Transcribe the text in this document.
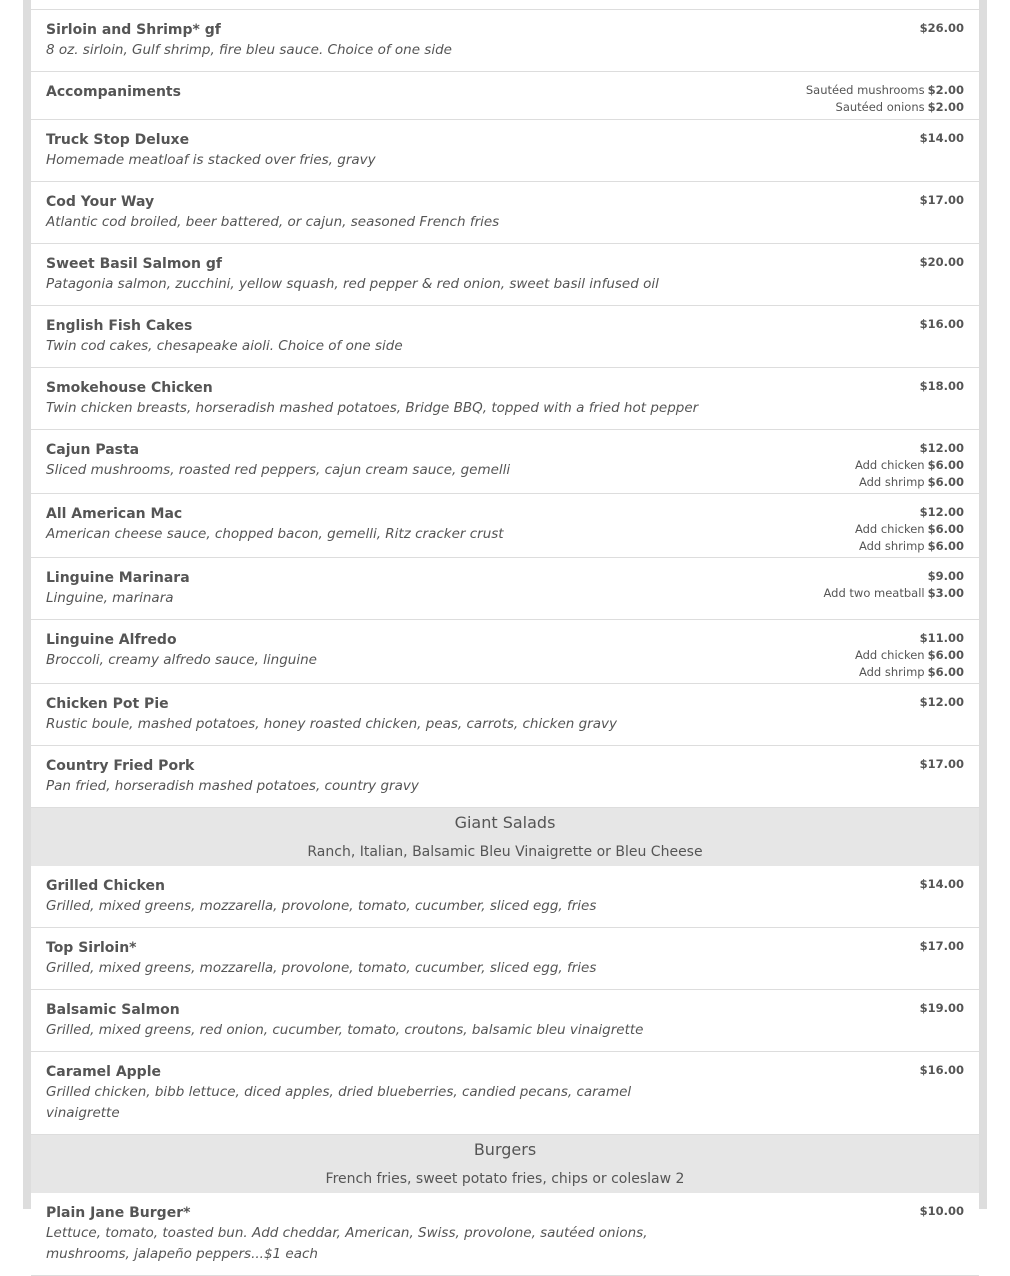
Sirloin and Shrimp* gf
8 oz. sirloin, Gulf shrimp, fire bleu sauce. Choice of one side
$26.00
Accompaniments	Sautéed mushrooms $2.00
Sautéed onions $2.00
Truck Stop Deluxe
Homemade meatloaf is stacked over fries, gravy
$14.00
Cod Your Way
Atlantic cod broiled, beer battered, or cajun, seasoned French fries
$17.00
Sweet Basil Salmon gf
Patagonia salmon, zucchini, yellow squash, red pepper & red onion, sweet basil infused oil
$20.00
English Fish Cakes
Twin cod cakes, chesapeake aioli. Choice of one side
$16.00
Smokehouse Chicken
Twin chicken breasts, horseradish mashed potatoes, Bridge BBQ, topped with a fried hot pepper
$18.00
Cajun Pasta
Sliced mushrooms, roasted red peppers, cajun cream sauce, gemelli
$12.00
Add chicken $6.00
Add shrimp $6.00
All American Mac
American cheese sauce, chopped bacon, gemelli, Ritz cracker crust
$12.00
Add chicken $6.00
Add shrimp $6.00
Linguine Marinara
Linguine, marinara
$9.00
Add two meatball $3.00
Linguine Alfredo
Broccoli, creamy alfredo sauce, linguine
$11.00
Add chicken $6.00
Add shrimp $6.00
Chicken Pot Pie
Rustic boule, mashed potatoes, honey roasted chicken, peas, carrots, chicken gravy
$12.00
Country Fried Pork
Pan fried, horseradish mashed potatoes, country gravy
$17.00
Giant Salads
Ranch, Italian, Balsamic Bleu Vinaigrette or Bleu Cheese
Grilled Chicken
Grilled, mixed greens, mozzarella, provolone, tomato, cucumber, sliced egg, fries
$14.00
Top Sirloin*
Grilled, mixed greens, mozzarella, provolone, tomato, cucumber, sliced egg, fries
$17.00
Balsamic Salmon
Grilled, mixed greens, red onion, cucumber, tomato, croutons, balsamic bleu vinaigrette
$19.00
Caramel Apple
Grilled chicken, bibb lettuce, diced apples, dried blueberries, candied pecans, caramel vinaigrette
$16.00
Burgers
French fries, sweet potato fries, chips or coleslaw 2
Plain Jane Burger*
Lettuce, tomato, toasted bun. Add cheddar, American, Swiss, provolone, sautéed onions, mushrooms, jalapeño peppers...$1 each
$10.00
